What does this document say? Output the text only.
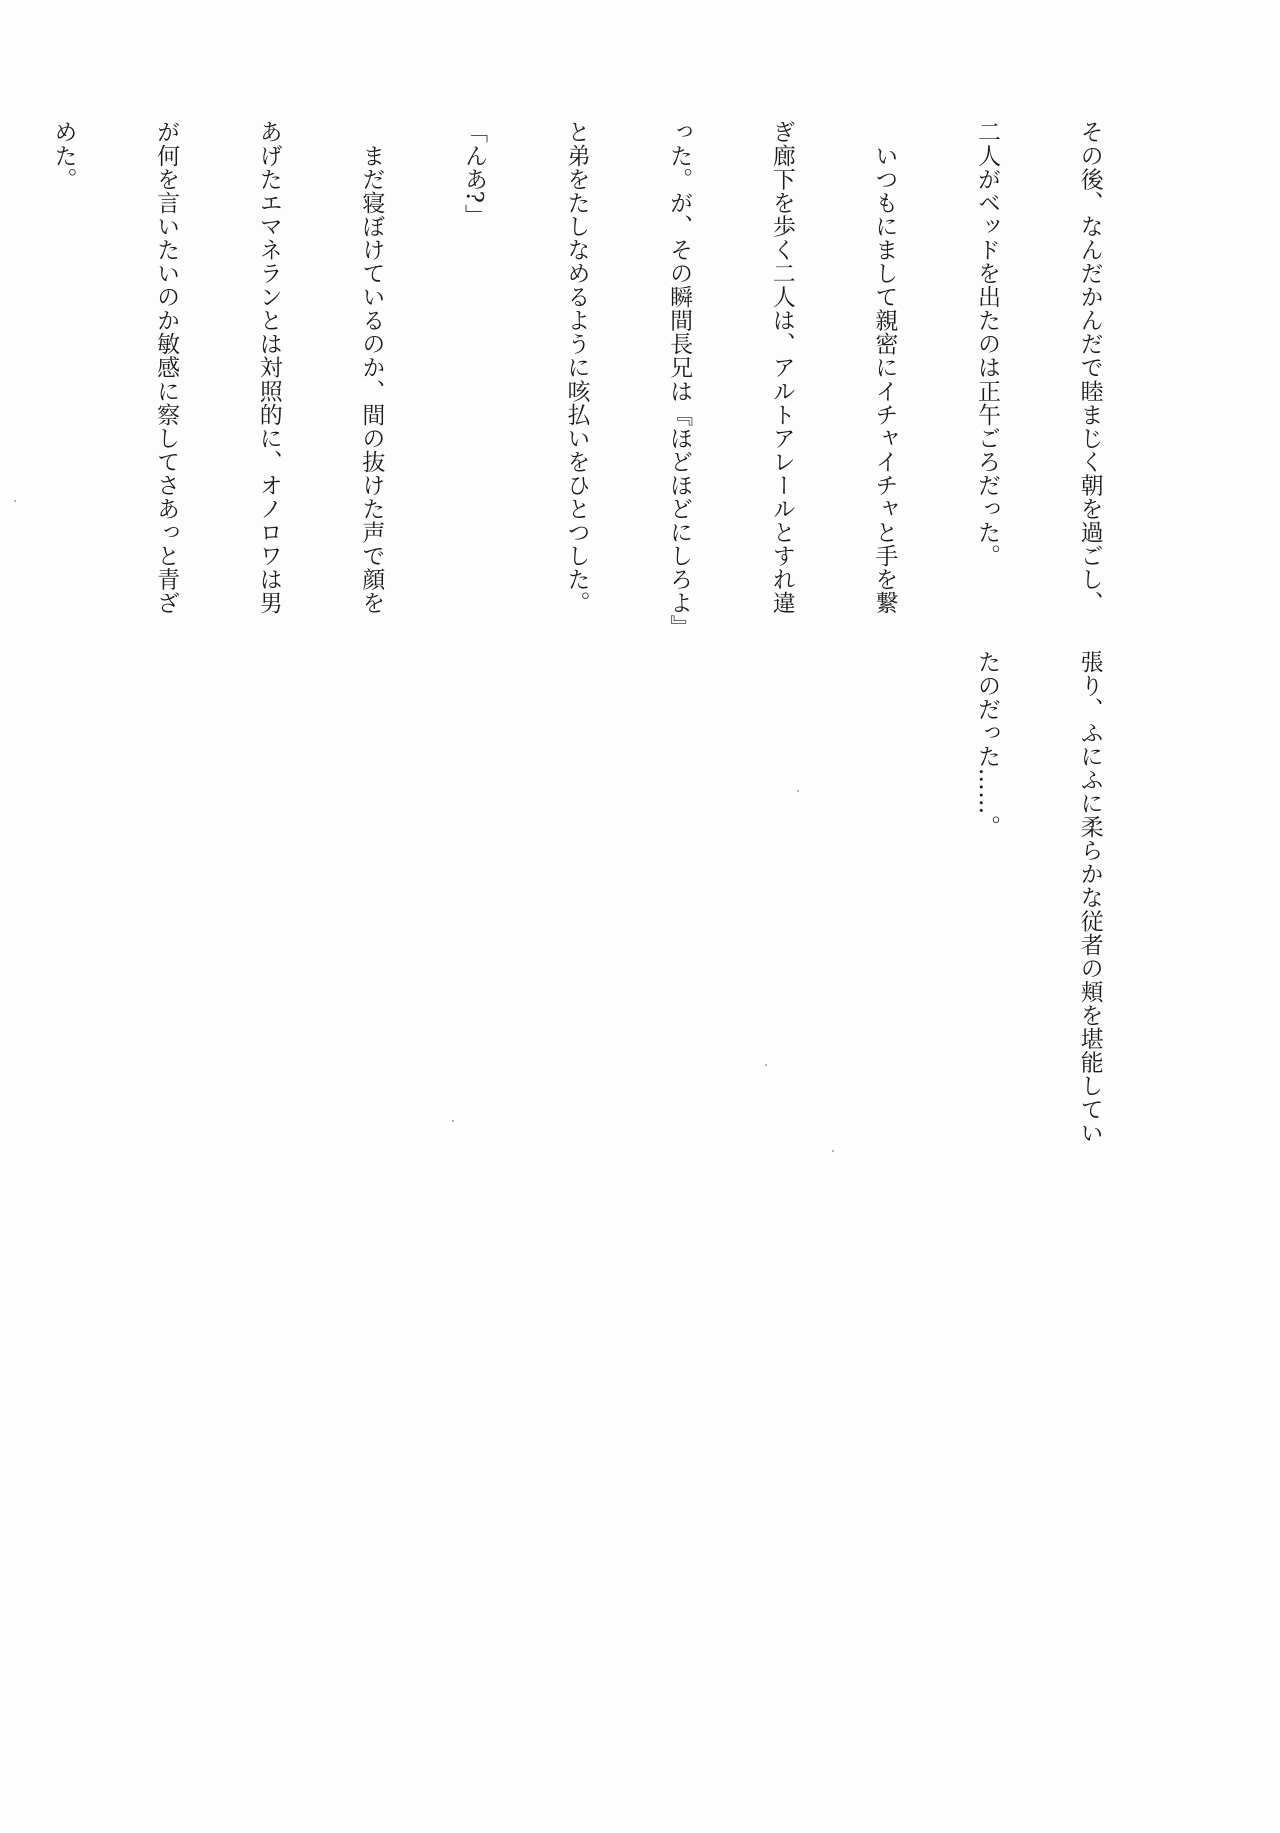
その後、なんだかんだで睦まじく朝を過ごし、

二人がベッドを出たのは正午ごろだった。

　いつもにまして親密にイチャイチャと手を繋

ぎ廊下を歩く二人は、アルトアレールとすれ違

った。が、その瞬間長兄は『ほどほどにしろよ』

と弟をたしなめるように咳払いをひとつした。

「んあ?」

　まだ寝ぼけているのか、間の抜けた声で顔を

あげたエマネランとは対照的に、オノロワは男

が何を言いたいのか敏感に察してさあっと青ざ

めた。

張り、ふにふに柔らかな従者の頬を堪能してい

たのだった……。
